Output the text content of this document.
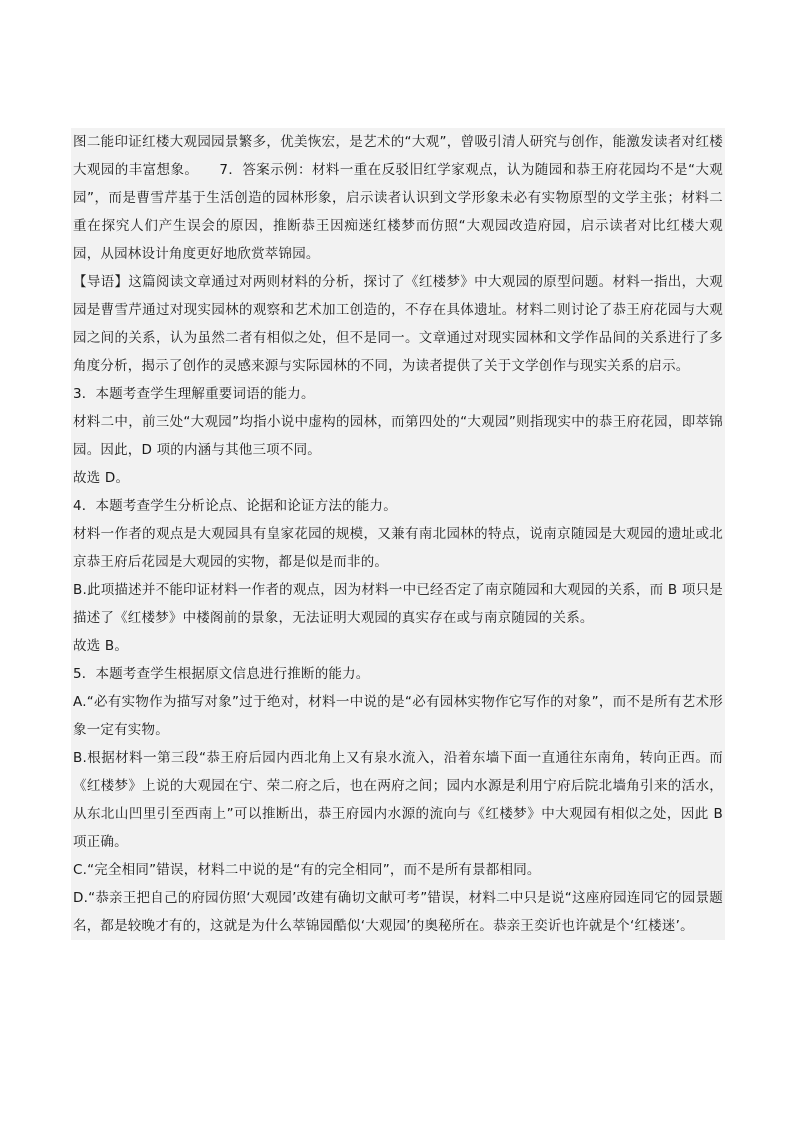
图二能印证红楼大观园园景繁多，优美恢宏，是艺术的“大观”，曾吸引清人研究与创作，能激发读者对红楼大观园的丰富想象。　　7．答案示例：材料一重在反驳旧红学家观点，认为随园和恭王府花园均不是“大观园”，而是曹雪芹基于生活创造的园林形象，启示读者认识到文学形象未必有实物原型的文学主张；材料二重在探究人们产生误会的原因，推断恭王因痴迷红楼梦而仿照“大观园改造府园，启示读者对比红楼大观园，从园林设计角度更好地欣赏萃锦园。

【导语】这篇阅读文章通过对两则材料的分析，探讨了《红楼梦》中大观园的原型问题。材料一指出，大观园是曹雪芹通过对现实园林的观察和艺术加工创造的，不存在具体遗址。材料二则讨论了恭王府花园与大观园之间的关系，认为虽然二者有相似之处，但不是同一。文章通过对现实园林和文学作品间的关系进行了多角度分析，揭示了创作的灵感来源与实际园林的不同，为读者提供了关于文学创作与现实关系的启示。

3．本题考查学生理解重要词语的能力。

材料二中，前三处“大观园”均指小说中虚构的园林，而第四处的“大观园”则指现实中的恭王府花园，即萃锦园。因此，D 项的内涵与其他三项不同。

故选 D。

4．本题考查学生分析论点、论据和论证方法的能力。

材料一作者的观点是大观园具有皇家花园的规模，又兼有南北园林的特点，说南京随园是大观园的遗址或北京恭王府后花园是大观园的实物，都是似是而非的。

B.此项描述并不能印证材料一作者的观点，因为材料一中已经否定了南京随园和大观园的关系，而 B 项只是描述了《红楼梦》中楼阁前的景象，无法证明大观园的真实存在或与南京随园的关系。

故选 B。

5．本题考查学生根据原文信息进行推断的能力。

A.“必有实物作为描写对象”过于绝对，材料一中说的是“必有园林实物作它写作的对象”，而不是所有艺术形象一定有实物。

B.根据材料一第三段“恭王府后园内西北角上又有泉水流入，沿着东墙下面一直通往东南角，转向正西。而《红楼梦》上说的大观园在宁、荣二府之后，也在两府之间；园内水源是利用宁府后院北墙角引来的活水，从东北山凹里引至西南上”可以推断出，恭王府园内水源的流向与《红楼梦》中大观园有相似之处，因此 B 项正确。

C.“完全相同”错误，材料二中说的是“有的完全相同”，而不是所有景都相同。

D.“恭亲王把自己的府园仿照‘大观园’改建有确切文献可考”错误，材料二中只是说“这座府园连同它的园景题名，都是较晚才有的，这就是为什么萃锦园酷似‘大观园’的奥秘所在。恭亲王奕䜣也许就是个‘红楼迷’。
